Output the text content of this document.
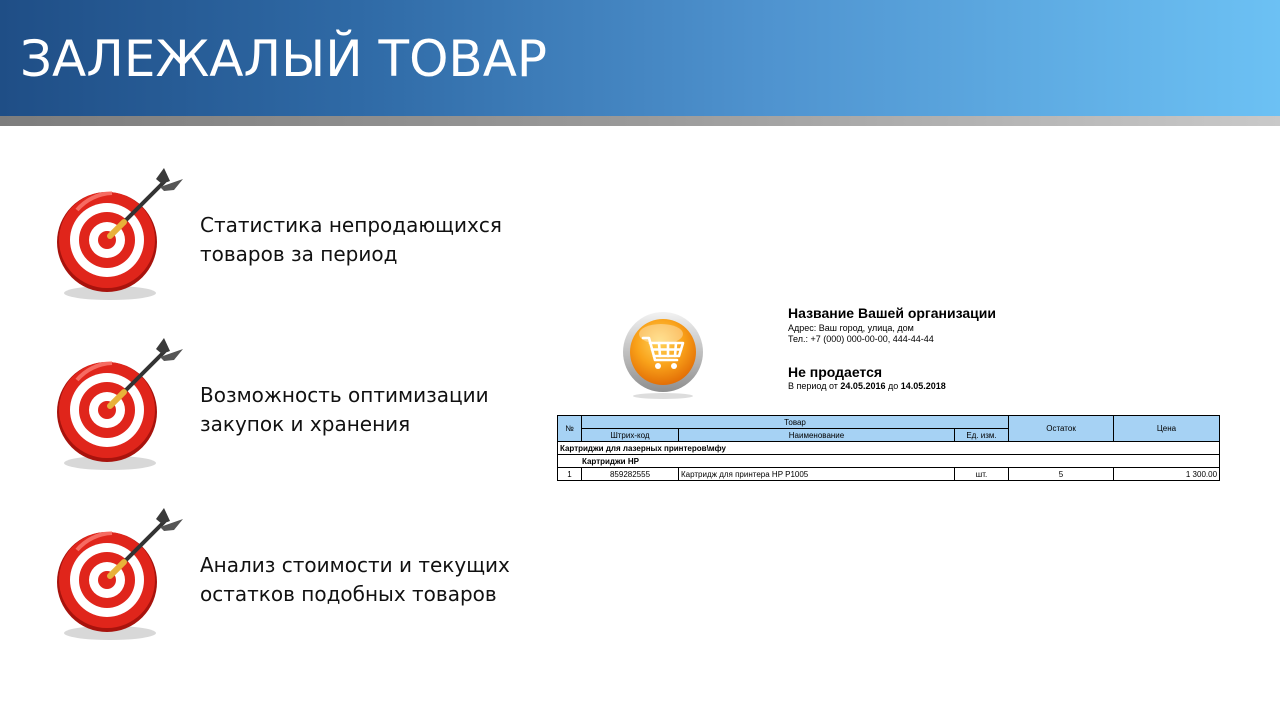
ЗАЛЕЖАЛЫЙ ТОВАР
Статистика непродающихся
товаров за период
Возможность оптимизации
закупок и хранения
Анализ стоимости и текущих
остатков подобных товаров
Название Вашей организации
Адрес: Ваш город, улица, дом
Тел.: +7 (000) 000-00-00, 444-44-44
Не продается
В период от 24.05.2016 до 14.05.2018
№	Товар			Остаток	Цена
	Штрих-код	Наименование	Ед. изм.		
Картриджи для лазерных принтеров\мфу					
Картриджи HP					
1	859282555	Картридж для принтера HP P1005	шт.	5	1 300.00
